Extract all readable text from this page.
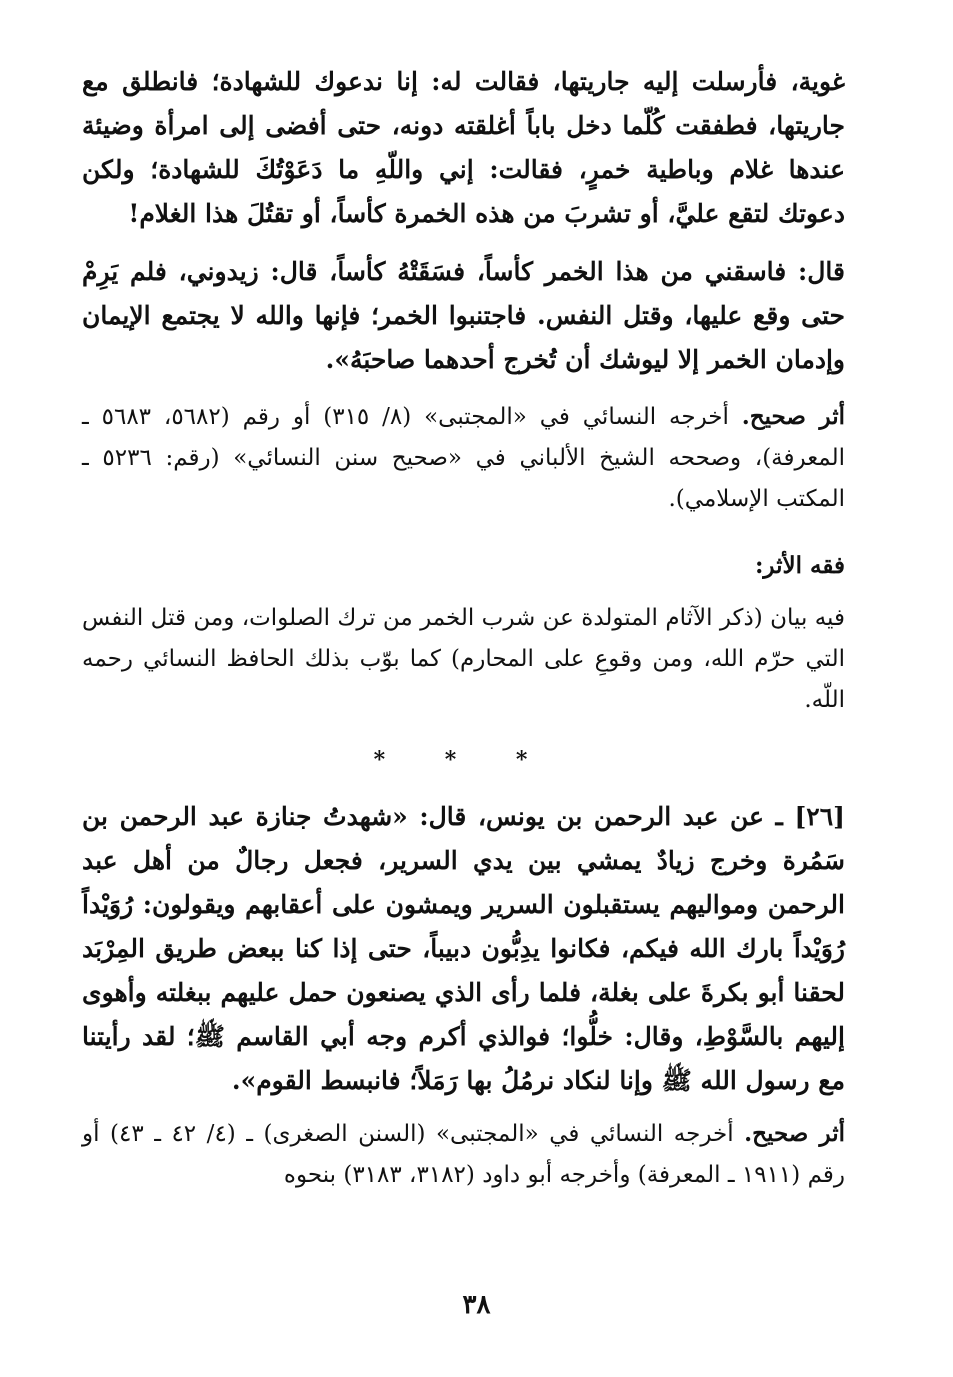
غوية، فأرسلت إليه جاريتها، فقالت له: إنا ندعوك للشهادة؛ فانطلق مع جاريتها، فطفقت كُلّما دخل باباً أغلقته دونه، حتى أفضى إلى امرأة وضيئة عندها غلام وباطية خمرٍ، فقالت: إني واللّهِ ما دَعَوْتُكَ للشهادة؛ ولكن دعوتك لتقع عليَّ، أو تشربَ من هذه الخمرة كأساً، أو تقتُلَ هذا الغلام!

قال: فاسقني من هذا الخمر كأساً، فسَقَتْهُ كأساً، قال: زيدوني، فلم يَرِمْ حتى وقع عليها، وقتل النفس. فاجتنبوا الخمر؛ فإنها والله لا يجتمع الإيمان وإدمان الخمر إلا ليوشك أن تُخرج أحدهما صاحبَهُ».

أثر صحيح. أخرجه النسائي في «المجتبى» (٨/ ٣١٥) أو رقم (٥٦٨٢، ٥٦٨٣ ـ المعرفة)، وصححه الشيخ الألباني في «صحيح سنن النسائي» (رقم: ٥٢٣٦ ـ المكتب الإسلامي).

فقه الأثر:

فيه بيان (ذكر الآثام المتولدة عن شرب الخمر من ترك الصلوات، ومن قتل النفس التي حرّم الله، ومن وقوعِ على المحارم) كما بوّب بذلك الحافظ النسائي رحمه اللّه.

* * *

[٢٦] ـ عن عبد الرحمن بن يونس، قال: «شهدتُ جنازة عبد الرحمن بن سَمُرة وخرج زيادٌ يمشي بين يدي السرير، فجعل رجالٌ من أهل عبد الرحمن ومواليهم يستقبلون السرير ويمشون على أعقابهم ويقولون: رُوَيْداً رُوَيْداً بارك الله فيكم، فكانوا يدِبُّون دبيباً، حتى إذا كنا ببعض طريق المِرْبَد لحقنا أبو بكرةَ على بغلة، فلما رأى الذي يصنعون حمل عليهم ببغلته وأهوى إليهم بالسَّوْطِ، وقال: خلُّوا؛ فوالذي أكرم وجه أبي القاسم ﷺ؛ لقد رأيتنا مع رسول الله ﷺ وإنا لنكاد نرمُلُ بها رَمَلاً؛ فانبسط القوم».

أثر صحيح. أخرجه النسائي في «المجتبى» (السنن الصغرى) ـ (٤/ ٤٢ ـ ٤٣) أو رقم (١٩١١ ـ المعرفة) وأخرجه أبو داود (٣١٨٢، ٣١٨٣) بنحوه

٣٨
